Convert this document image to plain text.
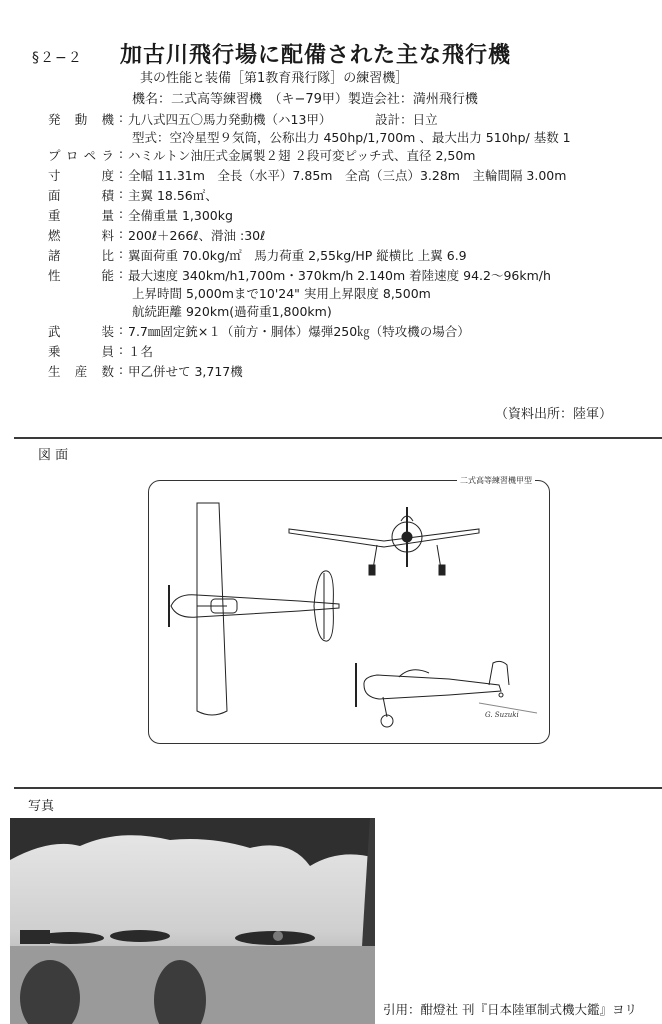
§２−２ 加古川飛行場に配備された主な飛行機
其の性能と装備［第1教育飛行隊］の練習機］
機名：二式高等練習機　（キ−79甲）製造会社：満州飛行機
発動機 : 九八式四五〇馬力発動機（ハ13甲）　　　　設計：日立
型式：空冷星型９気筒，公称出力 450hp/1,700m 、最大出力 510hp/ 基数 1
プロペラ : ハミルトン油圧式金属製２翅 ２段可変ピッチ式、直径 2,50m
寸度 : 全幅 11.31m　全長（水平）7.85m　全高（三点）3.28m　主輪間隔 3.00m
面積 : 主翼 18.56㎡、
重量 : 全備重量 1,300kg
燃料 : 200ℓ＋266ℓ、滑油 :30ℓ
諸比 : 翼面荷重 70.0kg/㎡　馬力荷重 2,55kg/HP 縦横比 上翼 6.9
性能 : 最大速度 340km/h1,700m・370km/h 2.140m 着陸速度 94.2〜96km/h
上昇時間 5,000mまで10'24" 実用上昇限度 8,500m
航続距離 920km(過荷重1,800km)
武装 : 7.7㎜固定銃×１（前方・胴体）爆弾250㎏（特攻機の場合）
乗員 : １名
生産数 : 甲乙併せて 3,717機
（資料出所：陸軍）
図 面
二式高等練習機甲型
G. Suzuki
写真
引用：酣燈社 刊『日本陸軍制式機大鑑』ヨリ
